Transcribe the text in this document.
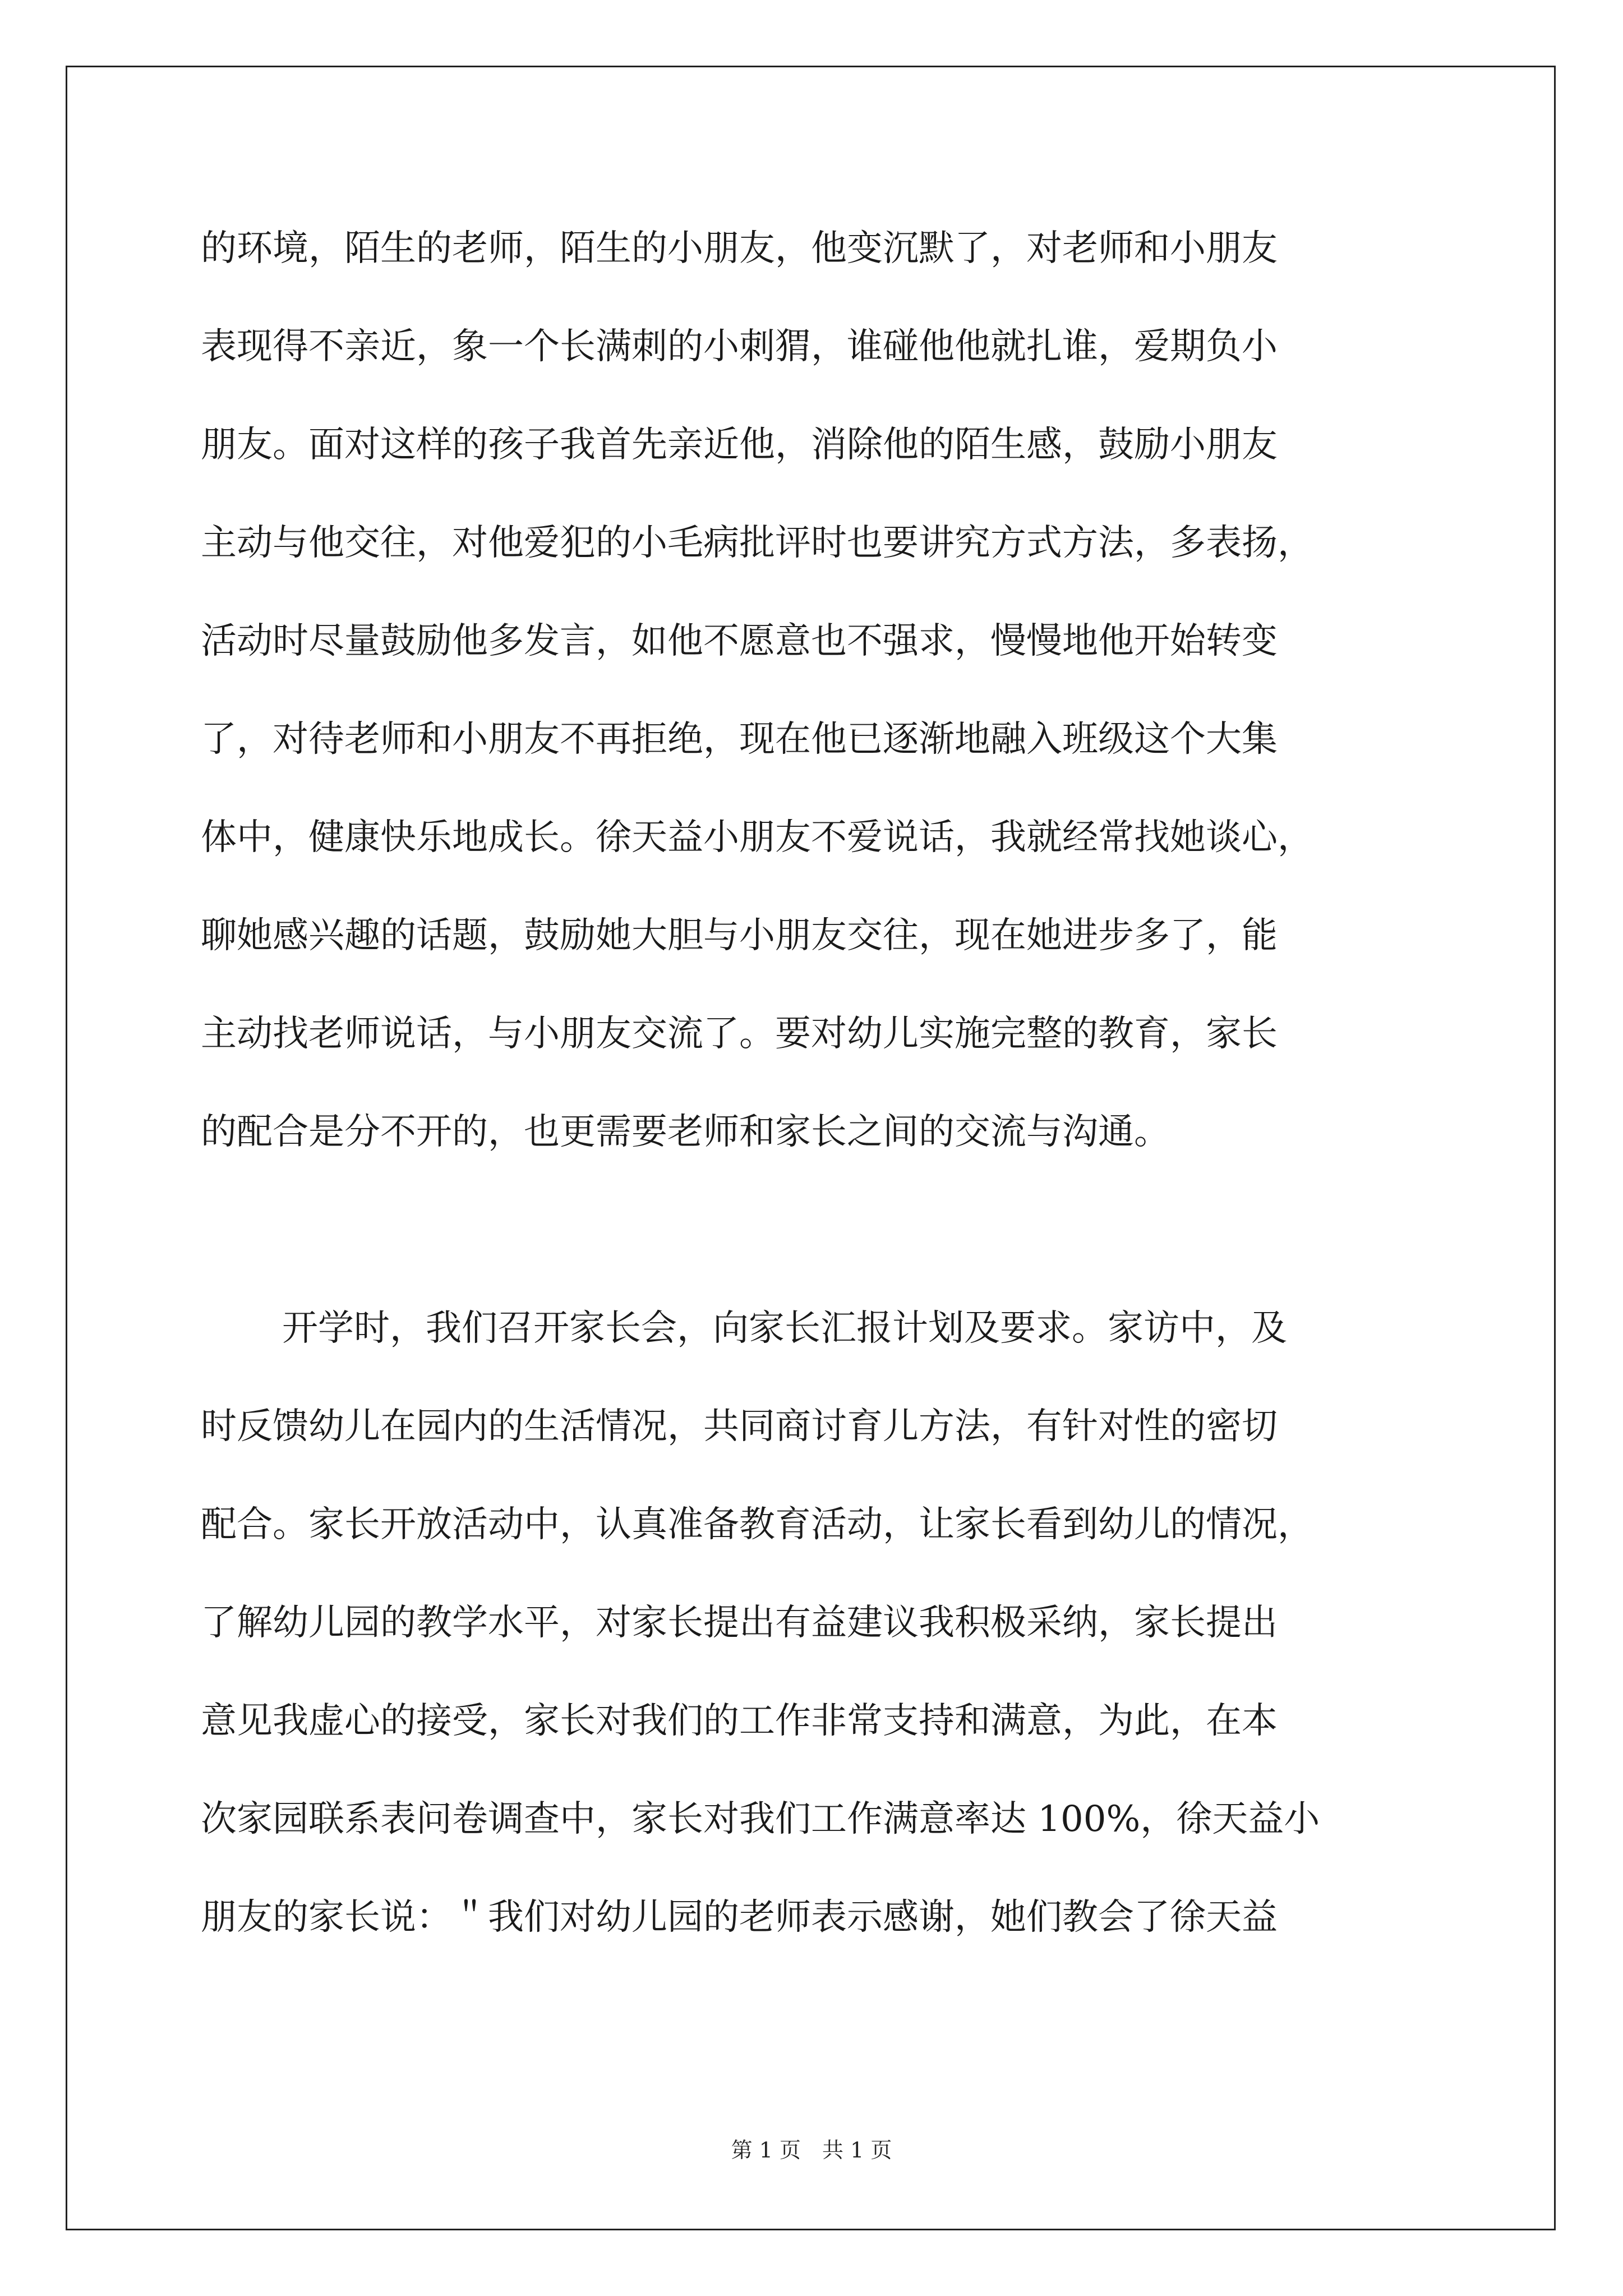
的环境，陌生的老师，陌生的小朋友，他变沉默了，对老师和小朋友
表现得不亲近，象一个长满刺的小刺猬，谁碰他他就扎谁，爱期负小
朋友。面对这样的孩子我首先亲近他，消除他的陌生感，鼓励小朋友
主动与他交往，对他爱犯的小毛病批评时也要讲究方式方法，多表扬，
活动时尽量鼓励他多发言，如他不愿意也不强求，慢慢地他开始转变
了，对待老师和小朋友不再拒绝，现在他已逐渐地融入班级这个大集
体中，健康快乐地成长。徐天益小朋友不爱说话，我就经常找她谈心，
聊她感兴趣的话题，鼓励她大胆与小朋友交往，现在她进步多了，能
主动找老师说话，与小朋友交流了。要对幼儿实施完整的教育，家长
的配合是分不开的，也更需要老师和家长之间的交流与沟通。
开学时，我们召开家长会，向家长汇报计划及要求。家访中，及
时反馈幼儿在园内的生活情况，共同商讨育儿方法，有针对性的密切
配合。家长开放活动中，认真准备教育活动，让家长看到幼儿的情况，
了解幼儿园的教学水平，对家长提出有益建议我积极采纳，家长提出
意见我虚心的接受，家长对我们的工作非常支持和满意，为此，在本
次家园联系表问卷调查中，家长对我们工作满意率达 100%，徐天益小
朋友的家长说：＂我们对幼儿园的老师表示感谢，她们教会了徐天益
第 1 页　共 1 页
